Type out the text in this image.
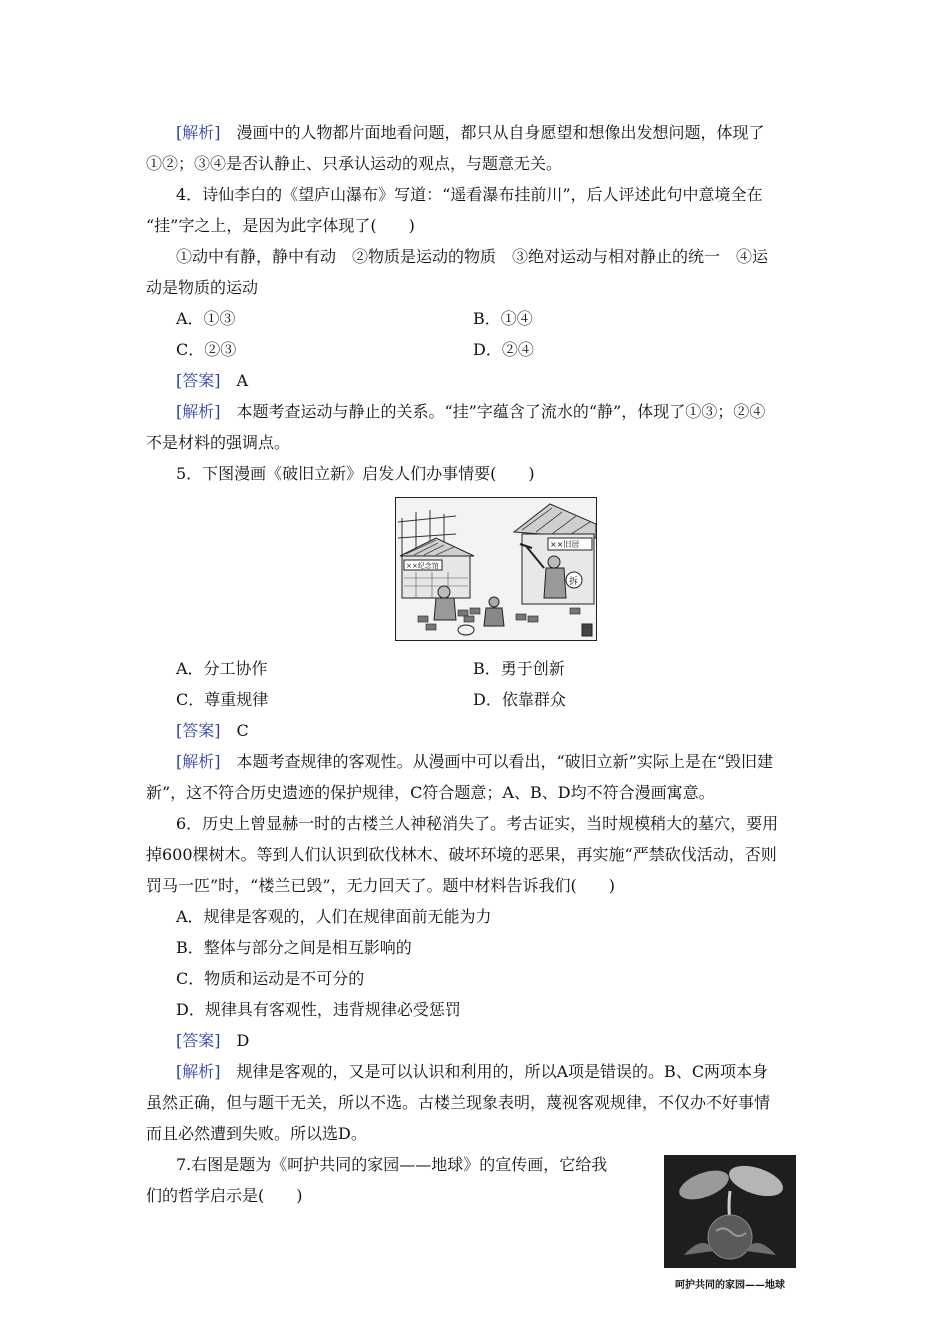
[解析]　漫画中的人物都片面地看问题，都只从自身愿望和想像出发想问题，体现了
①②；③④是否认静止、只承认运动的观点，与题意无关。
4．诗仙李白的《望庐山瀑布》写道：“遥看瀑布挂前川”，后人评述此句中意境全在
“挂”字之上，是因为此字体现了(　　)
①动中有静，静中有动　②物质是运动的物质　③绝对运动与相对静止的统一　④运
动是物质的运动
A．①③	B．①④
C．②③	D．②④
[答案]　A
[解析]　本题考查运动与静止的关系。“挂”字蕴含了流水的“静”，体现了①③；②④
不是材料的强调点。
5．下图漫画《破旧立新》启发人们办事情要(　　)
××纪念馆
××旧居
拆
A．分工协作	B．勇于创新
C．尊重规律	D．依靠群众
[答案]　C
[解析]　本题考查规律的客观性。从漫画中可以看出，“破旧立新”实际上是在“毁旧建
新”，这不符合历史遗迹的保护规律，C符合题意；A、B、D均不符合漫画寓意。
6．历史上曾显赫一时的古楼兰人神秘消失了。考古证实，当时规模稍大的墓穴，要用
掉600棵树木。等到人们认识到砍伐林木、破坏环境的恶果，再实施“严禁砍伐活动，否则
罚马一匹”时，“楼兰已毁”，无力回天了。题中材料告诉我们(　　)
A．规律是客观的，人们在规律面前无能为力
B．整体与部分之间是相互影响的
C．物质和运动是不可分的
D．规律具有客观性，违背规律必受惩罚
[答案]　D
[解析]　规律是客观的，又是可以认识和利用的，所以A项是错误的。B、C两项本身
虽然正确，但与题干无关，所以不选。古楼兰现象表明，蔑视客观规律，不仅办不好事情
而且必然遭到失败。所以选D。
7.右图是题为《呵护共同的家园——地球》的宣传画，它给我
们的哲学启示是(　　)
呵护共同的家园——地球
